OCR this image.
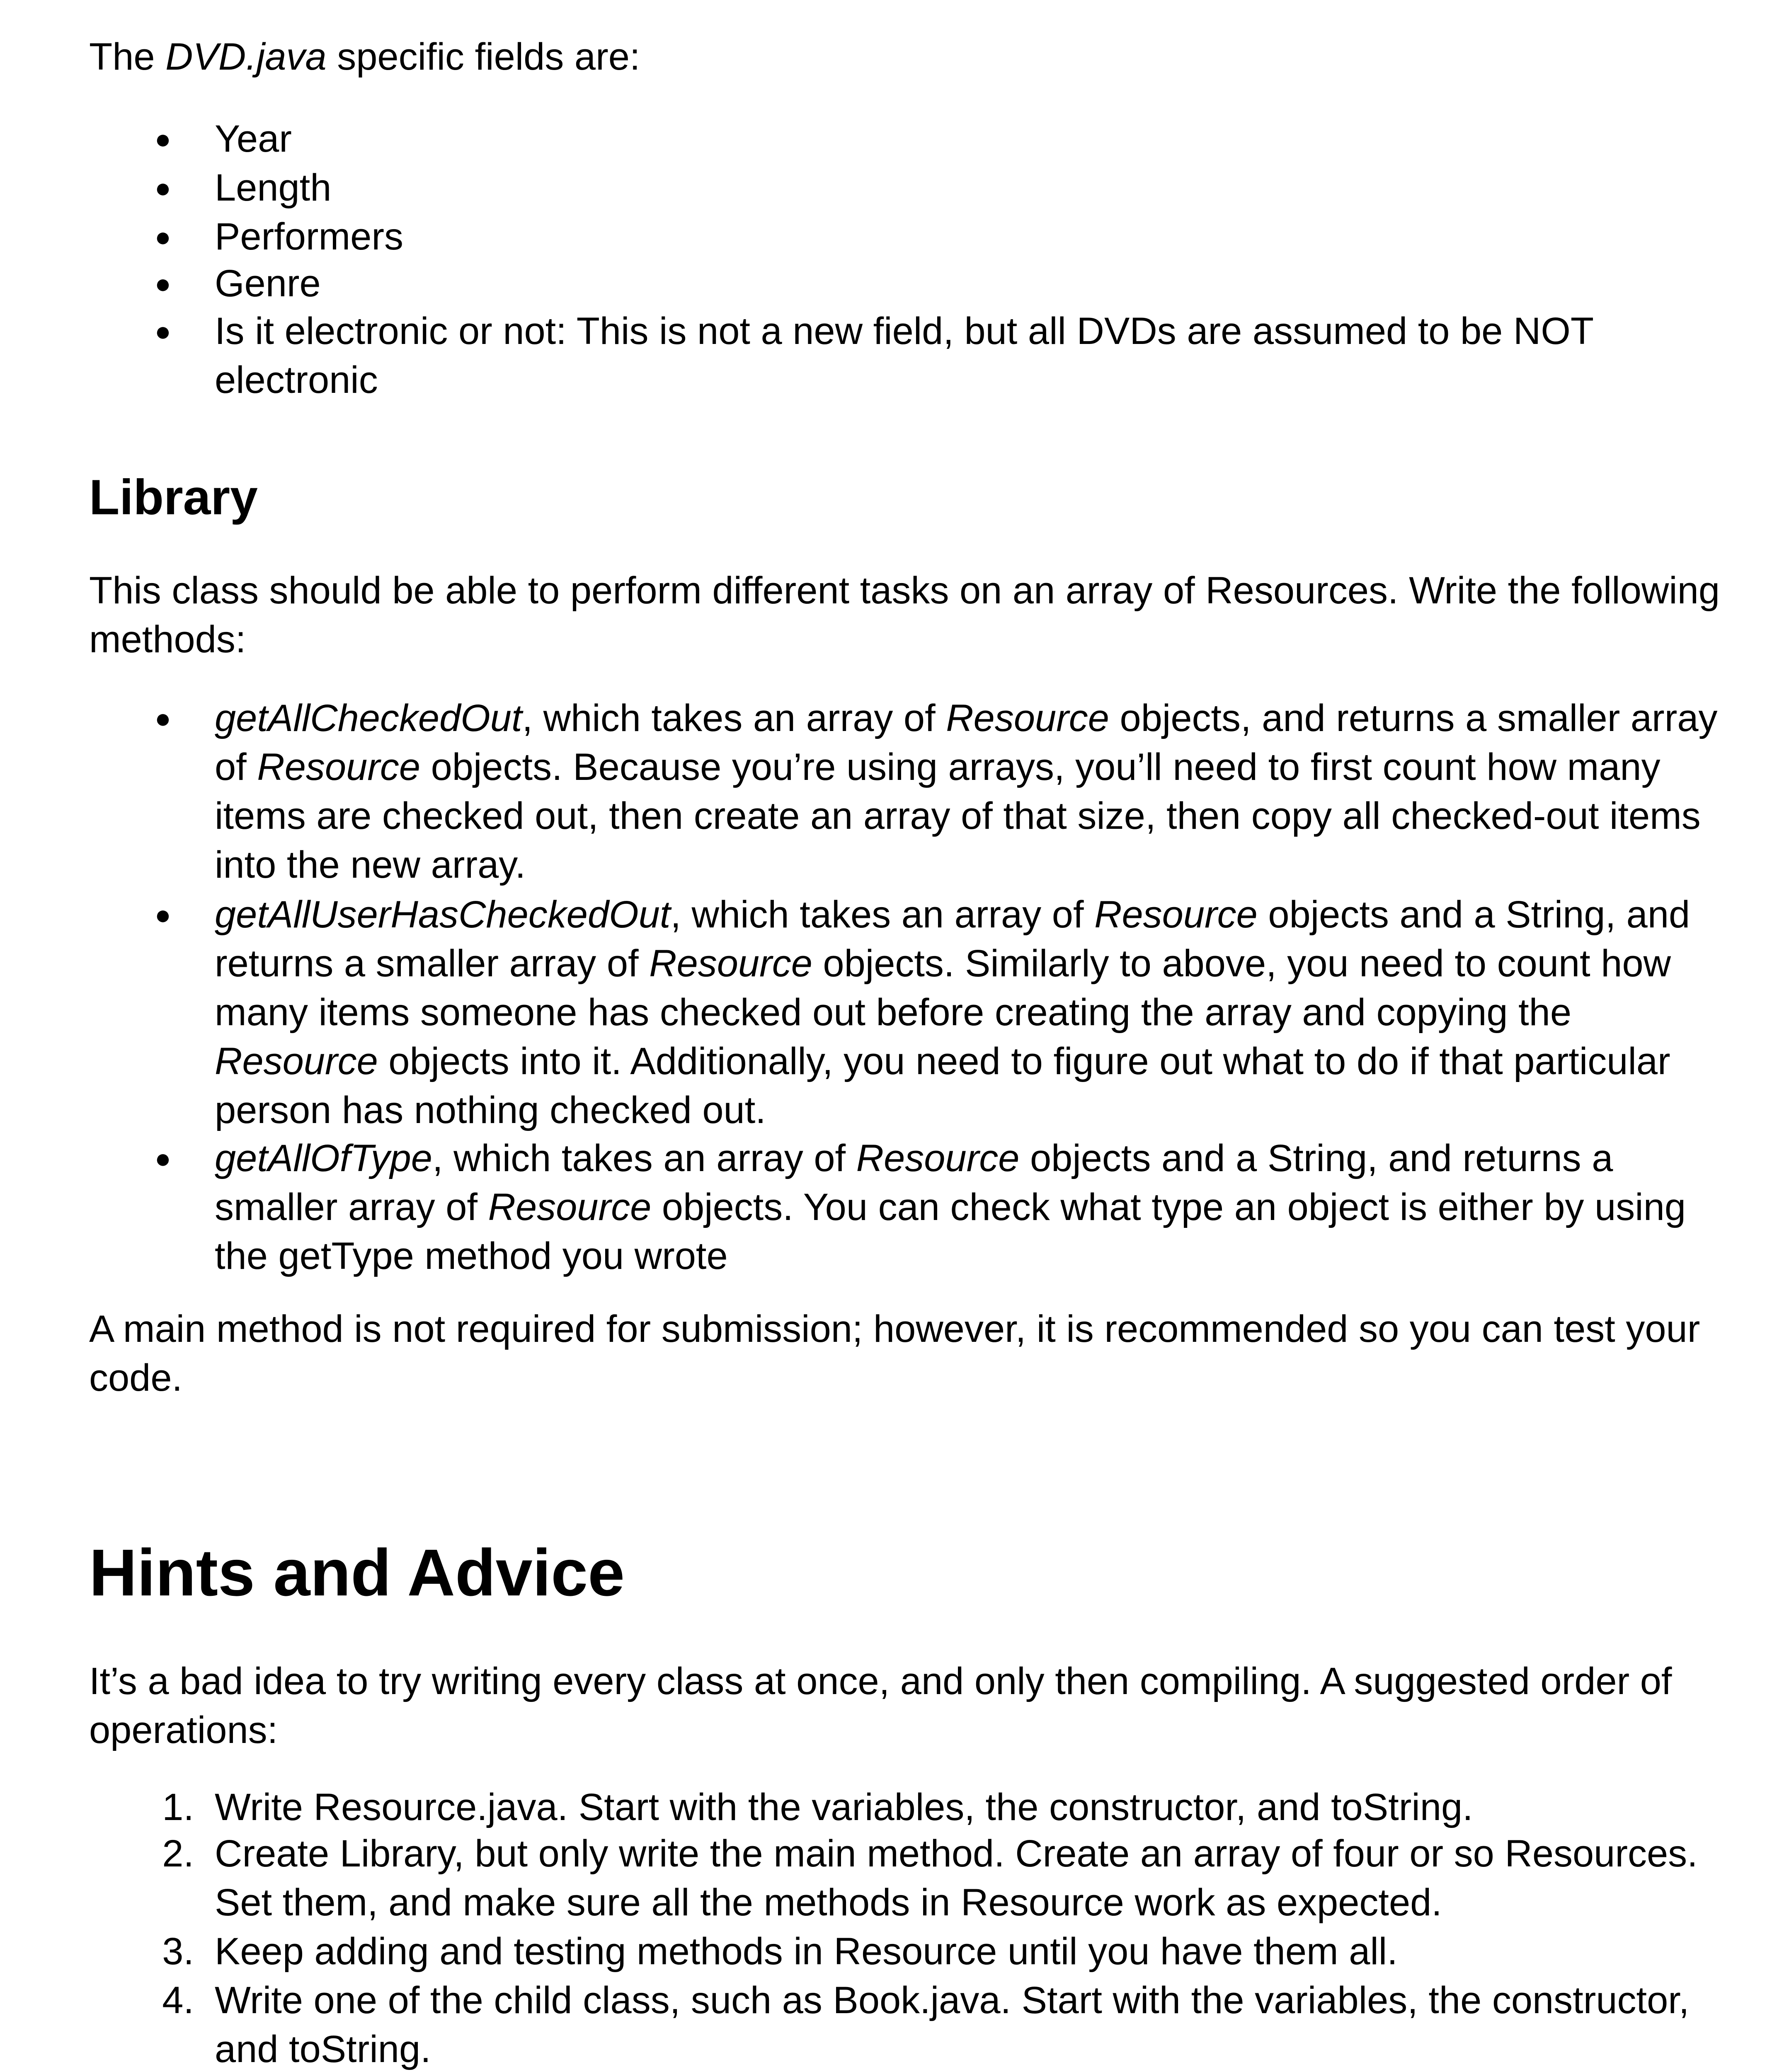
The DVD.java specific fields are:

● Year
● Length
● Performers
● Genre
● Is it electronic or not: This is not a new field, but all DVDs are assumed to be NOT electronic
Library

This class should be able to perform different tasks on an array of Resources. Write the following methods:

● getAllCheckedOut, which takes an array of Resource objects, and returns a smaller array of Resource objects. Because you’re using arrays, you’ll need to first count how many items are checked out, then create an array of that size, then copy all checked-out items into the new array.
● getAllUserHasCheckedOut, which takes an array of Resource objects and a String, and returns a smaller array of Resource objects. Similarly to above, you need to count how many items someone has checked out before creating the array and copying the Resource objects into it. Additionally, you need to figure out what to do if that particular person has nothing checked out.
● getAllOfType, which takes an array of Resource objects and a String, and returns a smaller array of Resource objects. You can check what type an object is either by using the getType method you wrote

A main method is not required for submission; however, it is recommended so you can test your code.

Hints and Advice

It’s a bad idea to try writing every class at once, and only then compiling. A suggested order of operations:

1. Write Resource.java. Start with the variables, the constructor, and toString.
2. Create Library, but only write the main method. Create an array of four or so Resources. Set them, and make sure all the methods in Resource work as expected.
3. Keep adding and testing methods in Resource until you have them all.
4. Write one of the child class, such as Book.java. Start with the variables, the constructor, and toString.
